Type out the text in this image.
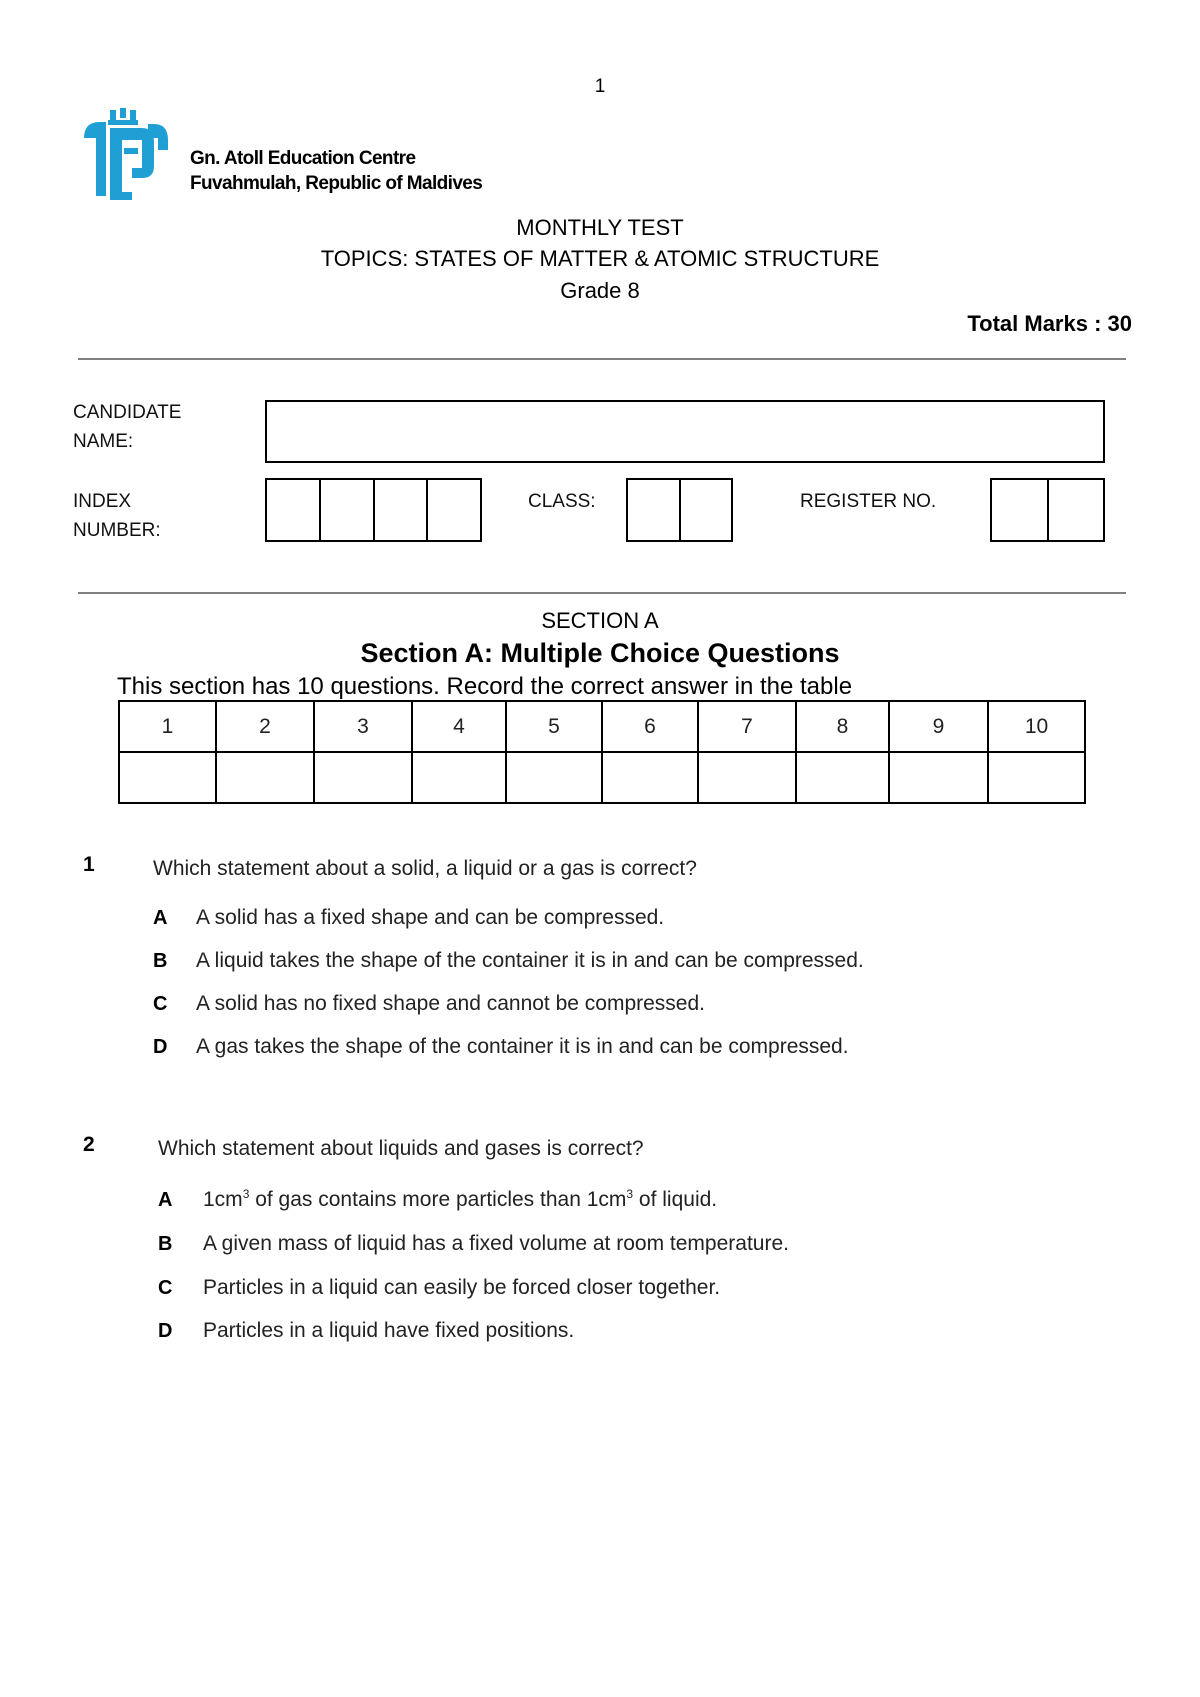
1
Gn. Atoll Education Centre
Fuvahmulah, Republic of Maldives
MONTHLY TEST
TOPICS: STATES OF MATTER & ATOMIC STRUCTURE
Grade 8
Total Marks : 30
CANDIDATE
NAME:
INDEX
NUMBER:
CLASS:	REGISTER NO.
SECTION A
Section A: Multiple Choice Questions
This section has 10 questions. Record the correct answer in the table
1	2	3	4	5	6	7	8	9	10

1	Which statement about a solid, a liquid or a gas is correct?
A A solid has a fixed shape and can be compressed.
B A liquid takes the shape of the container it is in and can be compressed.
C A solid has no fixed shape and cannot be compressed.
D A gas takes the shape of the container it is in and can be compressed.
2	Which statement about liquids and gases is correct?
A $1cm^3$ of gas contains more particles than $1cm^3$ of liquid.
B A given mass of liquid has a fixed volume at room temperature.
C Particles in a liquid can easily be forced closer together.
D Particles in a liquid have fixed positions.
